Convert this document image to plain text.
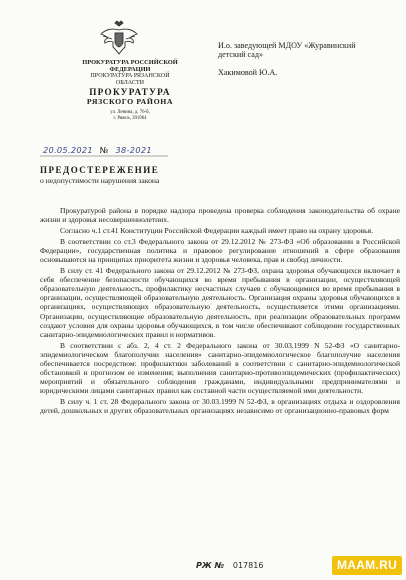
ПРОКУРАТУРА РОССИЙСКОЙ
ФЕДЕРАЦИИ
ПРОКУРАТУРА РЯЗАНСКОЙ
ОБЛАСТИ
ПРОКУРАТУРА
РЯЗСКОГО РАЙОНА
ул. Ленина, д. 76-б,
г. Ряжск, 391964
20.05.2021 № 38-2021
И.о. заведующей МДОУ «Журавинский
детский сад»
Хакимовой Ю.А.
ПРЕДОСТЕРЕЖЕНИЕ
о недопустимости нарушения закона

Прокуратурой района в порядке надзора проведена проверка соблюдения законодательства об охране жизни и здоровья несовершеннолетних.

Согласно ч.1 ст.41 Конституции Российской Федерации каждый имеет право на охрану здоровья.

В соответствии со ст.3 Федерального закона от 29.12.2012 № 273-ФЗ «Об образовании в Российской Федерации», государственная политика и правовое регулирование отношений в сфере образования основываются на принципах приоритета жизни и здоровья человека, прав и свобод личности.

В силу ст. 41 Федерального закона от 29.12.2012 № 273-ФЗ, охрана здоровья обучающихся включает в себя обеспечение безопасности обучающихся во время пребывания в организации, осуществляющей образовательную деятельность, профилактику несчастных случаев с обучающимися во время пребывания в организации, осуществляющей образовательную деятельность. Организация охраны здоровья обучающихся в организациях, осуществляющих образовательную деятельность, осуществляется этими организациями. Организации, осуществляющие образовательную деятельность, при реализации образовательных программ создают условия для охраны здоровья обучающихся, в том числе обеспечивают соблюдение государственных санитарно-эпидемиологических правил и нормативов.

В соответствии с абз. 2, 4 ст. 2 Федерального закона от 30.03.1999 N 52-ФЗ «О санитарно-эпидемиологическом благополучии населения» санитарно-эпидемиологическое благополучие населения обеспечивается посредством: профилактики заболеваний в соответствии с санитарно-эпидемиологической обстановкой и прогнозом ее изменения; выполнения санитарно-противоэпидемических (профилактических) мероприятий и обязательного соблюдения гражданами, индивидуальными предпринимателями и юридическими лицами санитарных правил как составной части осуществляемой ими деятельности.

В силу ч. 1 ст. 28 Федерального закона от 30.03.1999 N 52-ФЗ, в организациях отдыха и оздоровления детей, дошкольных и других образовательных организациях независимо от организационно-правовых форм

РЖ № 017816	MAAM.RU
